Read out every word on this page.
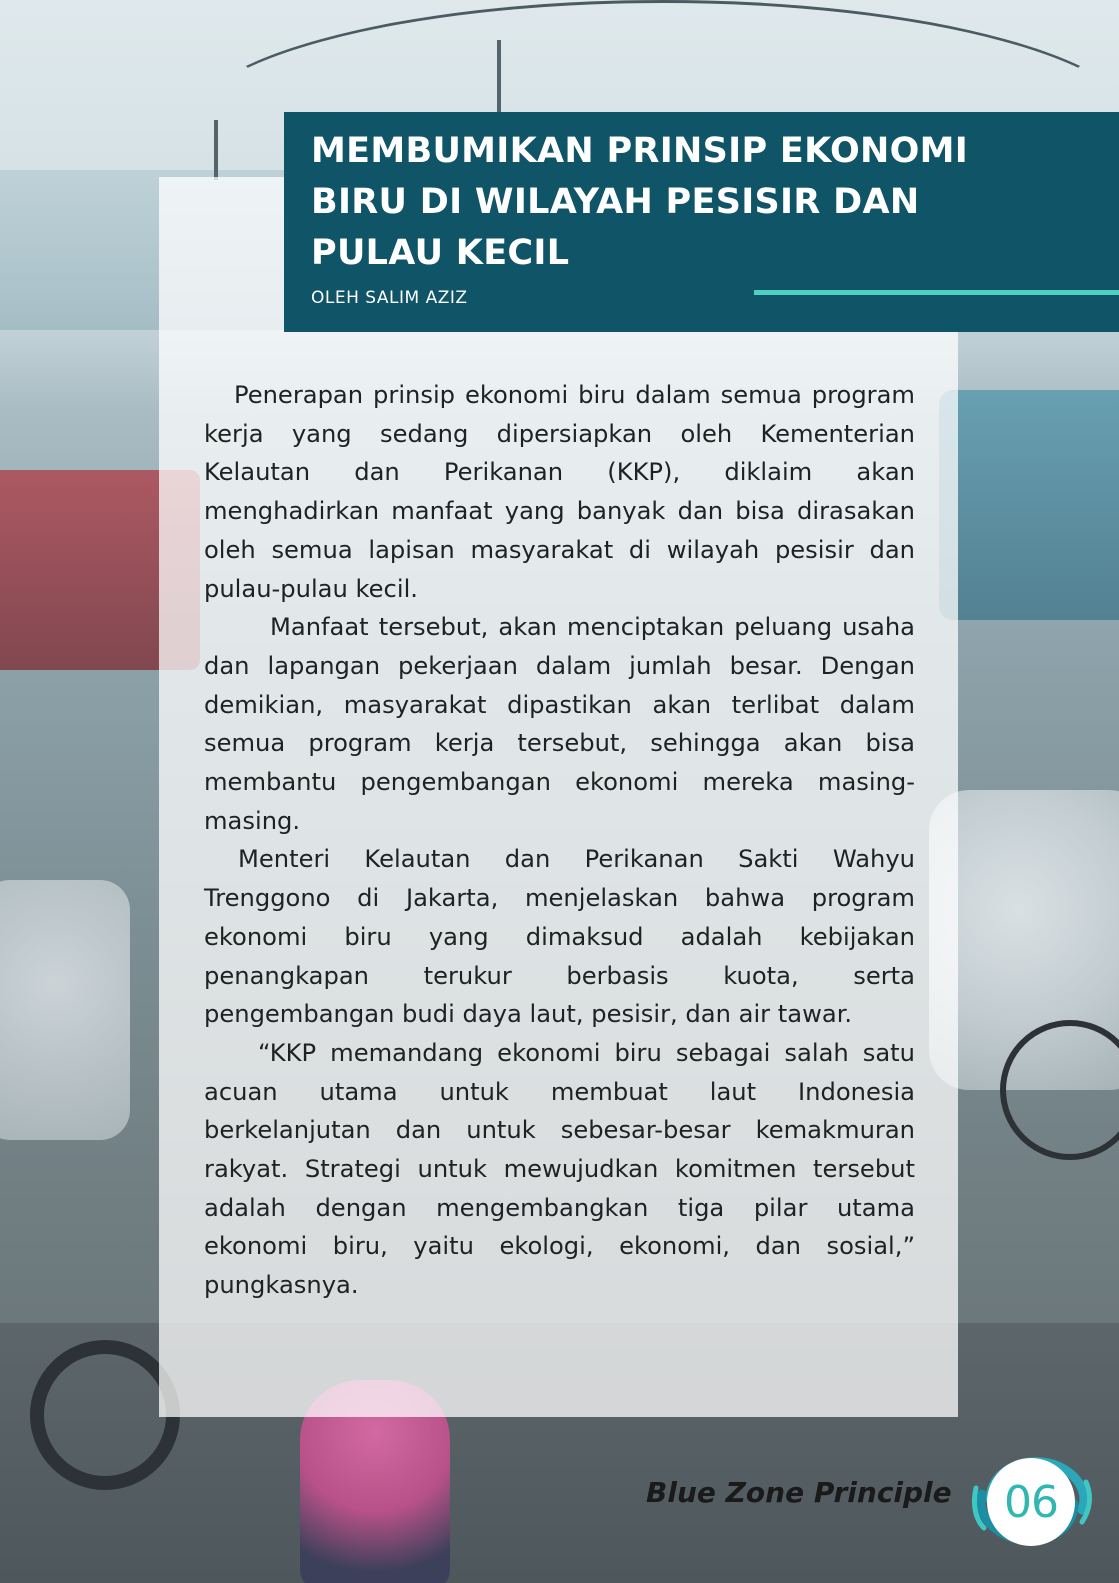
MEMBUMIKAN PRINSIP EKONOMI BIRU DI WILAYAH PESISIR DAN PULAU KECIL
OLEH SALIM AZIZ

Penerapan prinsip ekonomi biru dalam semua program kerja yang sedang dipersiapkan oleh Kementerian Kelautan dan Perikanan (KKP), diklaim akan menghadirkan manfaat yang banyak dan bisa dirasakan oleh semua lapisan masyarakat di wilayah pesisir dan pulau-pulau kecil.

Manfaat tersebut, akan menciptakan peluang usaha dan lapangan pekerjaan dalam jumlah besar. Dengan demikian, masyarakat dipastikan akan terlibat dalam semua program kerja tersebut, sehingga akan bisa membantu pengembangan ekonomi mereka masing-masing.

Menteri Kelautan dan Perikanan Sakti Wahyu Trenggono di Jakarta, menjelaskan bahwa program ekonomi biru yang dimaksud adalah kebijakan penangkapan terukur berbasis kuota, serta pengembangan budi daya laut, pesisir, dan air tawar.

“KKP memandang ekonomi biru sebagai salah satu acuan utama untuk membuat laut Indonesia berkelanjutan dan untuk sebesar-besar kemakmuran rakyat. Strategi untuk mewujudkan komitmen tersebut adalah dengan mengembangkan tiga pilar utama ekonomi biru, yaitu ekologi, ekonomi, dan sosial,” pungkasnya.

Blue Zone Principle	06
